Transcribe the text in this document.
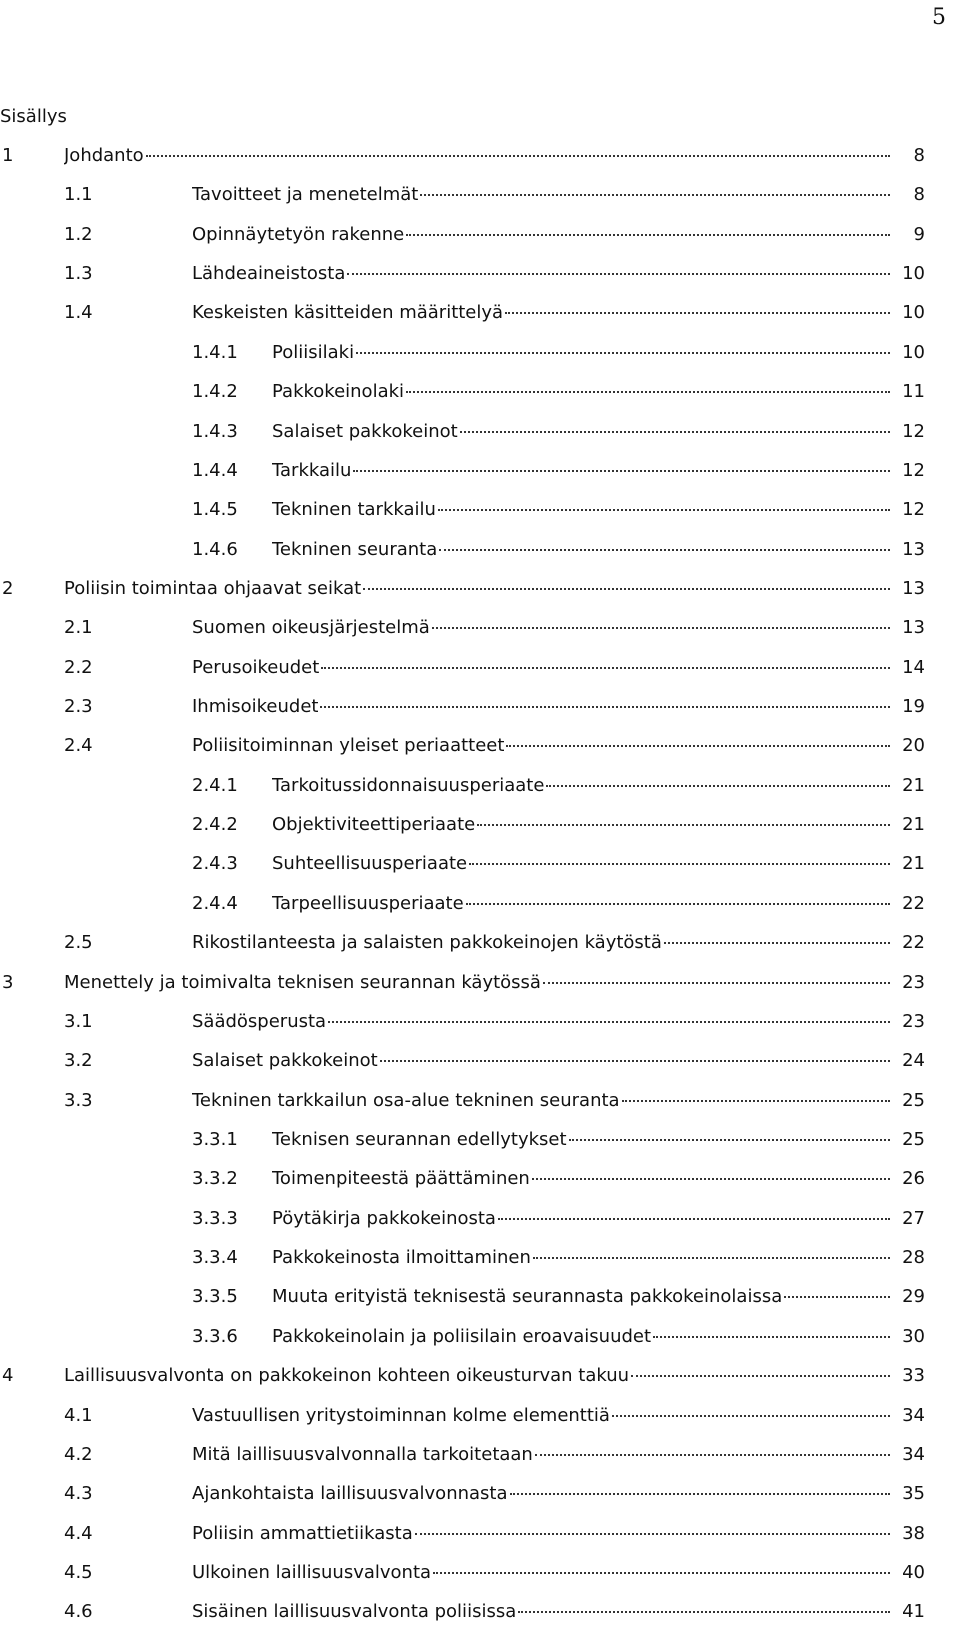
5
Sisällys
1	Johdanto	8
1.1	Tavoitteet ja menetelmät	8
1.2	Opinnäytetyön rakenne	9
1.3	Lähdeaineistosta	10
1.4	Keskeisten käsitteiden määrittelyä	10
1.4.1 Poliisilaki	10
1.4.2 Pakkokeinolaki	11
1.4.3 Salaiset pakkokeinot	12
1.4.4 Tarkkailu	12
1.4.5 Tekninen tarkkailu	12
1.4.6 Tekninen seuranta	13
2	Poliisin toimintaa ohjaavat seikat	13
2.1	Suomen oikeusjärjestelmä	13
2.2	Perusoikeudet	14
2.3	Ihmisoikeudet	19
2.4	Poliisitoiminnan yleiset periaatteet	20
2.4.1 Tarkoitussidonnaisuusperiaate	21
2.4.2 Objektiviteettiperiaate	21
2.4.3 Suhteellisuusperiaate	21
2.4.4 Tarpeellisuusperiaate	22
2.5	Rikostilanteesta ja salaisten pakkokeinojen käytöstä	22
3	Menettely ja toimivalta teknisen seurannan käytössä	23
3.1	Säädösperusta	23
3.2	Salaiset pakkokeinot	24
3.3	Tekninen tarkkailun osa-alue tekninen seuranta	25
3.3.1 Teknisen seurannan edellytykset	25
3.3.2 Toimenpiteestä päättäminen	26
3.3.3 Pöytäkirja pakkokeinosta	27
3.3.4 Pakkokeinosta ilmoittaminen	28
3.3.5 Muuta erityistä teknisestä seurannasta pakkokeinolaissa	29
3.3.6 Pakkokeinolain ja poliisilain eroavaisuudet	30
4	Laillisuusvalvonta on pakkokeinon kohteen oikeusturvan takuu	33
4.1	Vastuullisen yritystoiminnan kolme elementtiä	34
4.2	Mitä laillisuusvalvonnalla tarkoitetaan	34
4.3	Ajankohtaista laillisuusvalvonnasta	35
4.4	Poliisin ammattietiikasta	38
4.5	Ulkoinen laillisuusvalvonta	40
4.6	Sisäinen laillisuusvalvonta poliisissa	41
